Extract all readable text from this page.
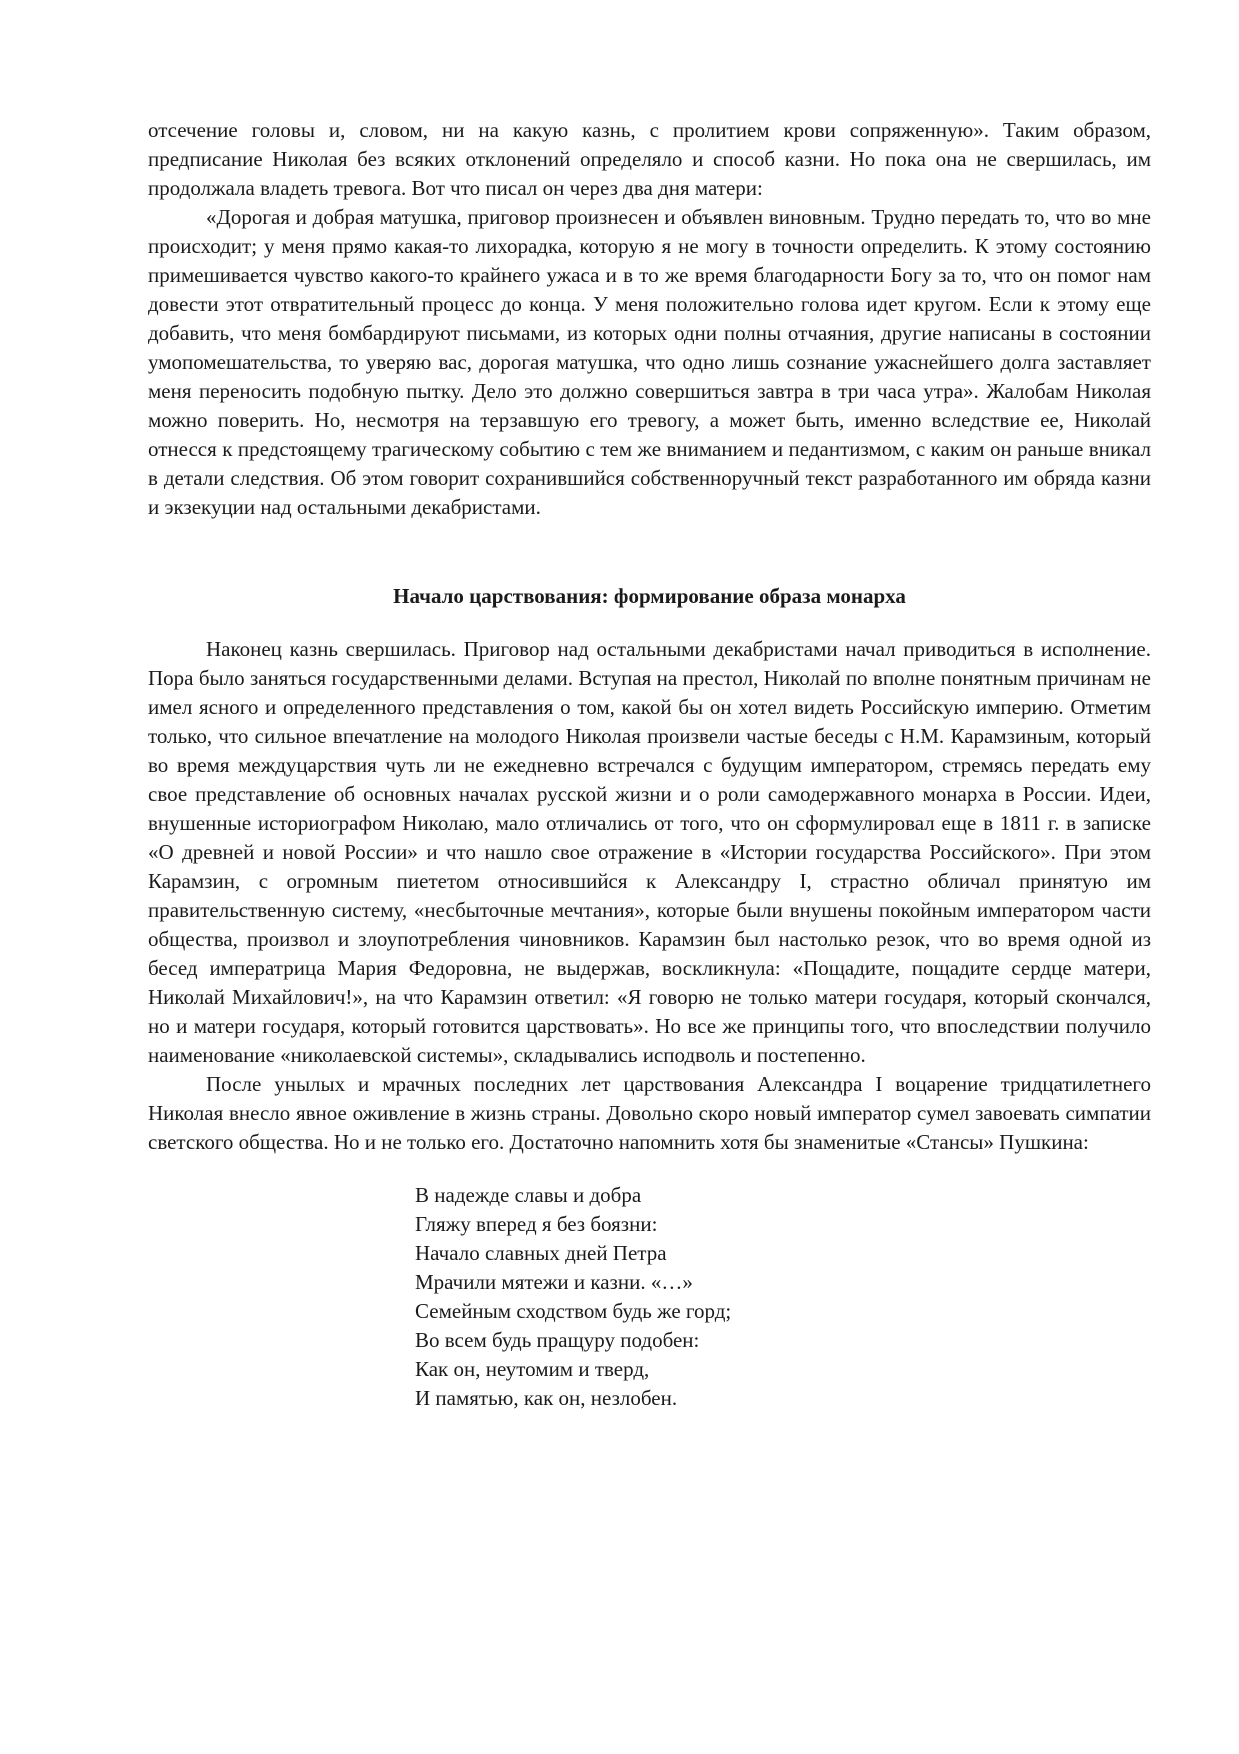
отсечение головы и, словом, ни на какую казнь, с пролитием крови сопряженную». Таким образом, предписание Николая без всяких отклонений определяло и способ казни. Но пока она не свершилась, им продолжала владеть тревога. Вот что писал он через два дня матери:

«Дорогая и добрая матушка, приговор произнесен и объявлен виновным. Трудно передать то, что во мне происходит; у меня прямо какая-то лихорадка, которую я не могу в точности определить. К этому состоянию примешивается чувство какого-то крайнего ужаса и в то же время благодарности Богу за то, что он помог нам довести этот отвратительный процесс до конца. У меня положительно голова идет кругом. Если к этому еще добавить, что меня бомбардируют письмами, из которых одни полны отчаяния, другие написаны в состоянии умопомешательства, то уверяю вас, дорогая матушка, что одно лишь сознание ужаснейшего долга заставляет меня переносить подобную пытку. Дело это должно совершиться завтра в три часа утра». Жалобам Николая можно поверить. Но, несмотря на терзавшую его тревогу, а может быть, именно вследствие ее, Николай отнесся к предстоящему трагическому событию с тем же вниманием и педантизмом, с каким он раньше вникал в детали следствия. Об этом говорит сохранившийся собственноручный текст разработанного им обряда казни и экзекуции над остальными декабристами.

Начало царствования: формирование образа монарха

Наконец казнь свершилась. Приговор над остальными декабристами начал приводиться в исполнение. Пора было заняться государственными делами. Вступая на престол, Николай по вполне понятным причинам не имел ясного и определенного представления о том, какой бы он хотел видеть Российскую империю. Отметим только, что сильное впечатление на молодого Николая произвели частые беседы с Н.М. Карамзиным, который во время междуцарствия чуть ли не ежедневно встречался с будущим императором, стремясь передать ему свое представление об основных началах русской жизни и о роли самодержавного монарха в России. Идеи, внушенные историографом Николаю, мало отличались от того, что он сформулировал еще в 1811 г. в записке «О древней и новой России» и что нашло свое отражение в «Истории государства Российского». При этом Карамзин, с огромным пиететом относившийся к Александру I, страстно обличал принятую им правительственную систему, «несбыточные мечтания», которые были внушены покойным императором части общества, произвол и злоупотребления чиновников. Карамзин был настолько резок, что во время одной из бесед императрица Мария Федоровна, не выдержав, воскликнула: «Пощадите, пощадите сердце матери, Николай Михайлович!», на что Карамзин ответил: «Я говорю не только матери государя, который скончался, но и матери государя, который готовится царствовать». Но все же принципы того, что впоследствии получило наименование «николаевской системы», складывались исподволь и постепенно.

После унылых и мрачных последних лет царствования Александра I воцарение тридцатилетнего Николая внесло явное оживление в жизнь страны. Довольно скоро новый император сумел завоевать симпатии светского общества. Но и не только его. Достаточно напомнить хотя бы знаменитые «Стансы» Пушкина:

В надежде славы и добра
Гляжу вперед я без боязни:
Начало славных дней Петра
Мрачили мятежи и казни. «…»
Семейным сходством будь же горд;
Во всем будь пращуру подобен:
Как он, неутомим и тверд,
И памятью, как он, незлобен.
